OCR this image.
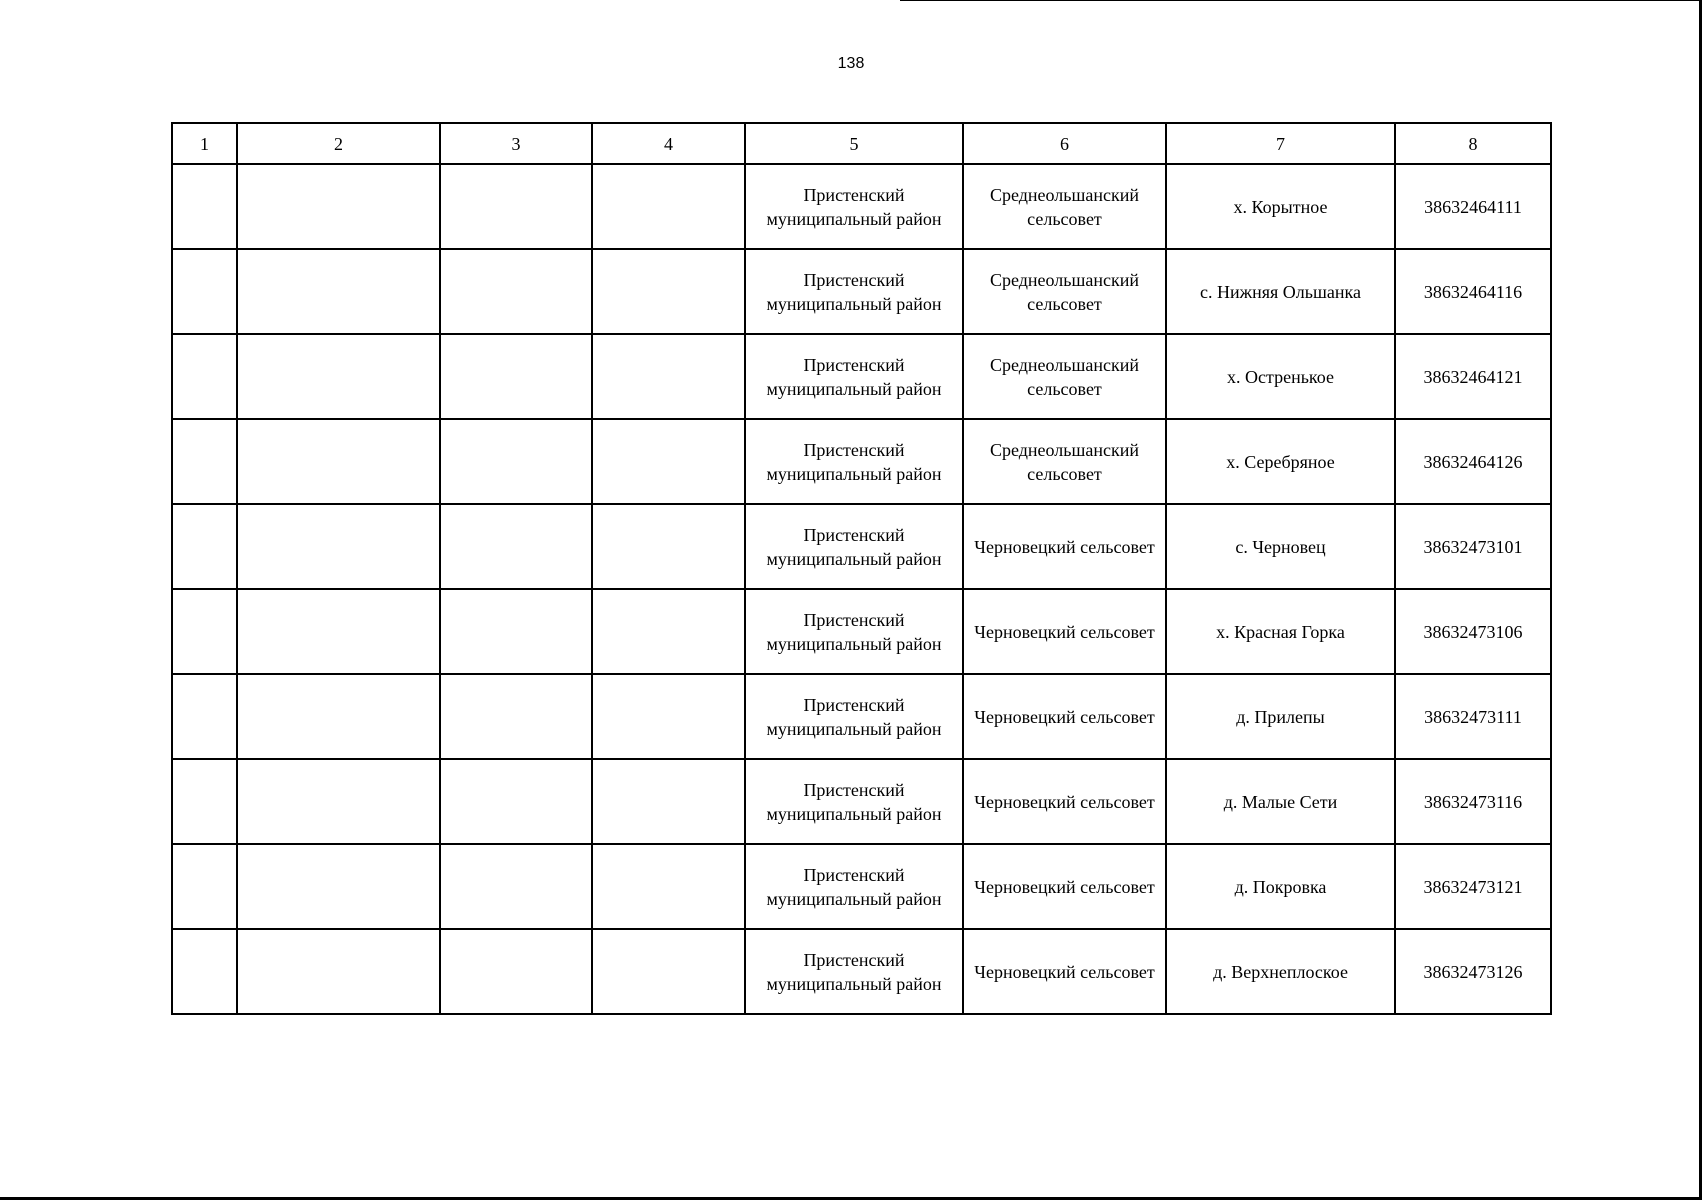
138
1	2	3	4	5	6	7	8
				Пристенский
муниципальный район	Среднеольшанский
сельсовет	х. Корытное	38632464111
				Пристенский
муниципальный район	Среднеольшанский
сельсовет	с. Нижняя Ольшанка	38632464116
				Пристенский
муниципальный район	Среднеольшанский
сельсовет	х. Остренькое	38632464121
				Пристенский
муниципальный район	Среднеольшанский
сельсовет	х. Серебряное	38632464126
				Пристенский
муниципальный район	Черновецкий сельсовет	с. Черновец	38632473101
				Пристенский
муниципальный район	Черновецкий сельсовет	х. Красная Горка	38632473106
				Пристенский
муниципальный район	Черновецкий сельсовет	д. Прилепы	38632473111
				Пристенский
муниципальный район	Черновецкий сельсовет	д. Малые Сети	38632473116
				Пристенский
муниципальный район	Черновецкий сельсовет	д. Покровка	38632473121
				Пристенский
муниципальный район	Черновецкий сельсовет	д. Верхнеплоское	38632473126
